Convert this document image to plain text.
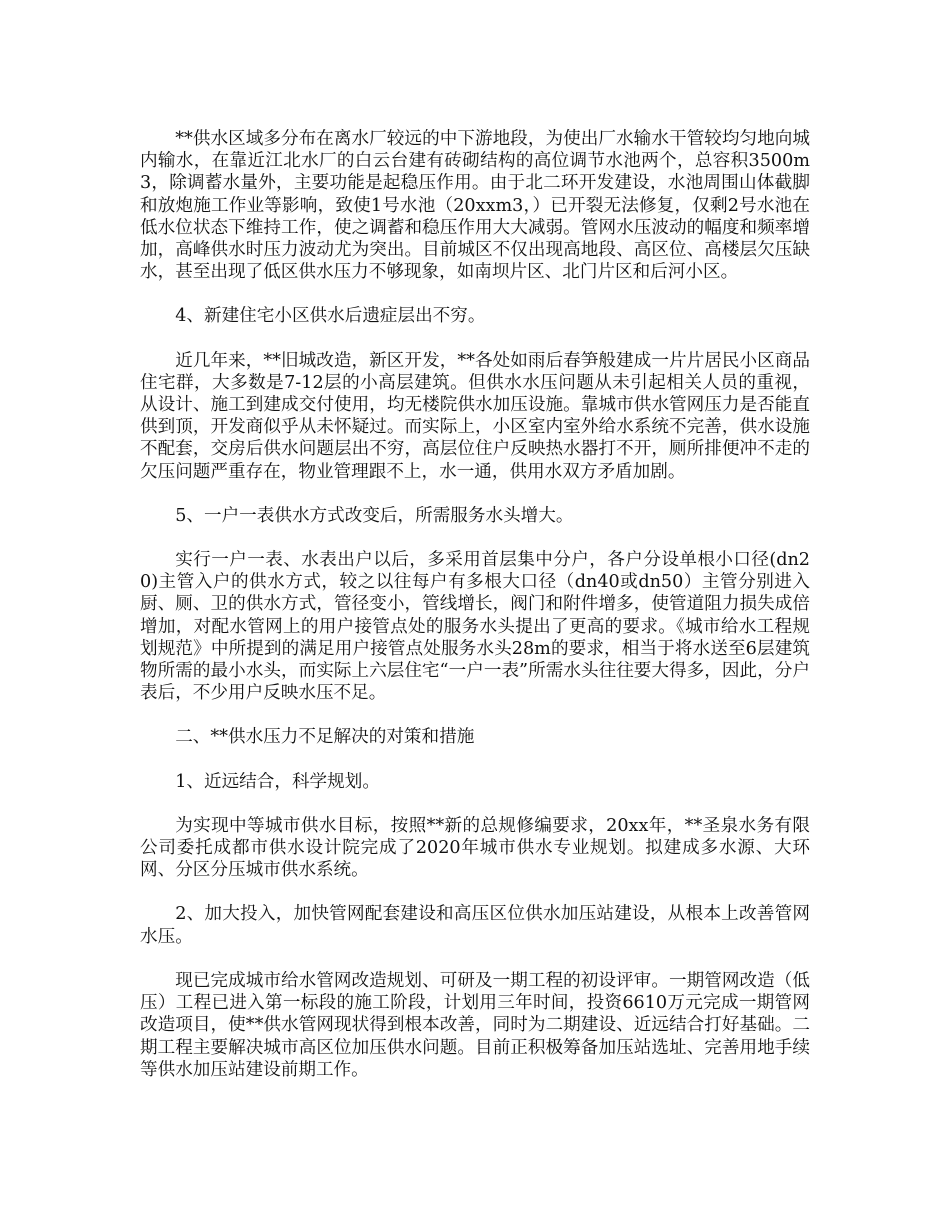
**供水区域多分布在离水厂较远的中下游地段，为使出厂水输水干管较均匀地向城内输水，在靠近江北水厂的白云台建有砖砌结构的高位调节水池两个，总容积3500m3，除调蓄水量外，主要功能是起稳压作用。由于北二环开发建设，水池周围山体截脚和放炮施工作业等影响，致使1号水池（20xxm3，）已开裂无法修复，仅剩2号水池在低水位状态下维持工作，使之调蓄和稳压作用大大减弱。管网水压波动的幅度和频率增加，高峰供水时压力波动尤为突出。目前城区不仅出现高地段、高区位、高楼层欠压缺水，甚至出现了低区供水压力不够现象，如南坝片区、北门片区和后河小区。

4、新建住宅小区供水后遗症层出不穷。

近几年来，**旧城改造，新区开发，**各处如雨后春笋般建成一片片居民小区商品住宅群，大多数是7-12层的小高层建筑。但供水水压问题从未引起相关人员的重视，从设计、施工到建成交付使用，均无楼院供水加压设施。靠城市供水管网压力是否能直供到顶，开发商似乎从未怀疑过。而实际上，小区室内室外给水系统不完善，供水设施不配套，交房后供水问题层出不穷，高层位住户反映热水器打不开，厕所排便冲不走的欠压问题严重存在，物业管理跟不上，水一通，供用水双方矛盾加剧。

5、一户一表供水方式改变后，所需服务水头增大。

实行一户一表、水表出户以后，多采用首层集中分户，各户分设单根小口径(dn20)主管入户的供水方式，较之以往每户有多根大口径（dn40或dn50）主管分别进入厨、厕、卫的供水方式，管径变小，管线增长，阀门和附件增多，使管道阻力损失成倍增加，对配水管网上的用户接管点处的服务水头提出了更高的要求。《城市给水工程规划规范》中所提到的满足用户接管点处服务水头28m的要求，相当于将水送至6层建筑物所需的最小水头，而实际上六层住宅“一户一表”所需水头往往要大得多，因此，分户表后，不少用户反映水压不足。

二、**供水压力不足解决的对策和措施

1、近远结合，科学规划。

为实现中等城市供水目标，按照**新的总规修编要求，20xx年，**圣泉水务有限公司委托成都市供水设计院完成了2020年城市供水专业规划。拟建成多水源、大环网、分区分压城市供水系统。

2、加大投入，加快管网配套建设和高压区位供水加压站建设，从根本上改善管网水压。

现已完成城市给水管网改造规划、可研及一期工程的初设评审。一期管网改造（低压）工程已进入第一标段的施工阶段，计划用三年时间，投资6610万元完成一期管网改造项目，使**供水管网现状得到根本改善，同时为二期建设、近远结合打好基础。二期工程主要解决城市高区位加压供水问题。目前正积极筹备加压站选址、完善用地手续等供水加压站建设前期工作。
